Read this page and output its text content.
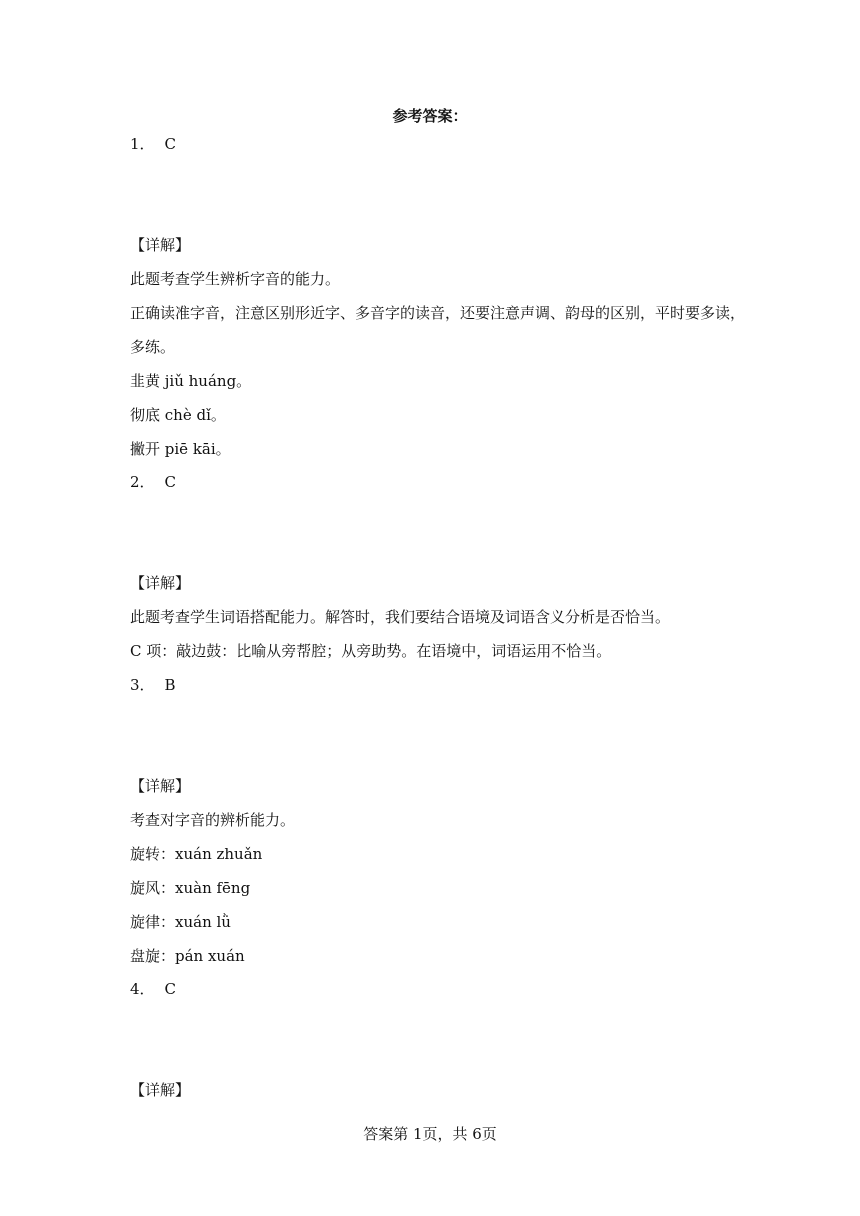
参考答案：
1． C
【详解】
此题考查学生辨析字音的能力。
正确读准字音，注意区别形近字、多音字的读音，还要注意声调、韵母的区别，平时要多读，
多练。
韭黄 jiǔ huáng。
彻底 chè dǐ。
撇开 piē kāi。
2． C
【详解】
此题考查学生词语搭配能力。解答时，我们要结合语境及词语含义分析是否恰当。
C 项：敲边鼓：比喻从旁帮腔；从旁助势。在语境中，词语运用不恰当。
3． B
【详解】
考查对字音的辨析能力。
旋转：xuán zhuǎn
旋风：xuàn fēng
旋律：xuán lǜ
盘旋：pán xuán
4． C
【详解】
答案第 1页，共 6页
